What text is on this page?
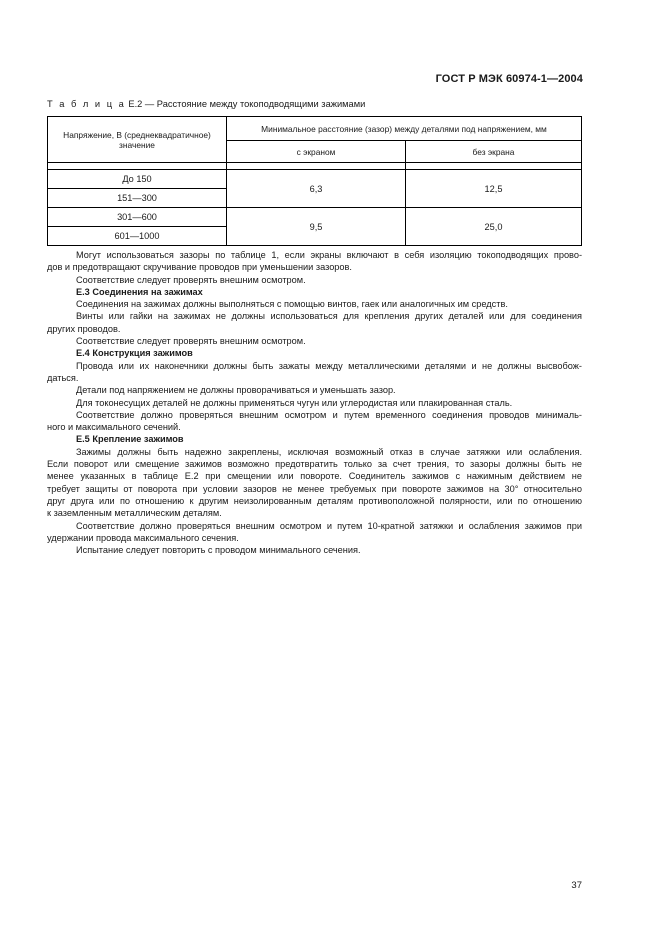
ГОСТ Р МЭК 60974-1—2004
Т а б л и ц а Е.2 — Расстояние между токоподводящими зажимами
Напряжение, В (среднеквадратичное) значение	Минимальное расстояние (зазор) между деталями под напряжением, мм	
	с экраном	без экрана

До 150	6,3	12,5
151—300		
301—600	9,5	25,0
601—1000		

Могут использоваться зазоры по таблице 1, если экраны включают в себя изоляцию токоподводящих прово-

дов и предотвращают скручивание проводов при уменьшении зазоров.

Соответствие следует проверять внешним осмотром.

Е.3 Соединения на зажимах

Соединения на зажимах должны выполняться с помощью винтов, гаек или аналогичных им средств.

Винты или гайки на зажимах не должны использоваться для крепления других деталей или для соединения

других проводов.

Соответствие следует проверять внешним осмотром.

Е.4 Конструкция зажимов

Провода или их наконечники должны быть зажаты между металлическими деталями и не должны высвобож-

даться.

Детали под напряжением не должны проворачиваться и уменьшать зазор.

Для токонесущих деталей не должны применяться чугун или углеродистая или плакированная сталь.

Соответствие должно проверяться внешним осмотром и путем временного соединения проводов минималь-

ного и максимального сечений.

Е.5 Крепление зажимов

Зажимы должны быть надежно закреплены, исключая возможный отказ в случае затяжки или ослабления.

Если поворот или смещение зажимов возможно предотвратить только за счет трения, то зазоры должны быть не

менее указанных в таблице Е.2 при смещении или повороте. Соединитель зажимов с нажимным действием не

требует защиты от поворота при условии зазоров не менее требуемых при повороте зажимов на 30° относительно

друг друга или по отношению к другим неизолированным деталям противоположной полярности, или по отношению

к заземленным металлическим деталям.

Соответствие должно проверяться внешним осмотром и путем 10-кратной затяжки и ослабления зажимов при

удержании провода максимального сечения.

Испытание следует повторить с проводом минимального сечения.

37
